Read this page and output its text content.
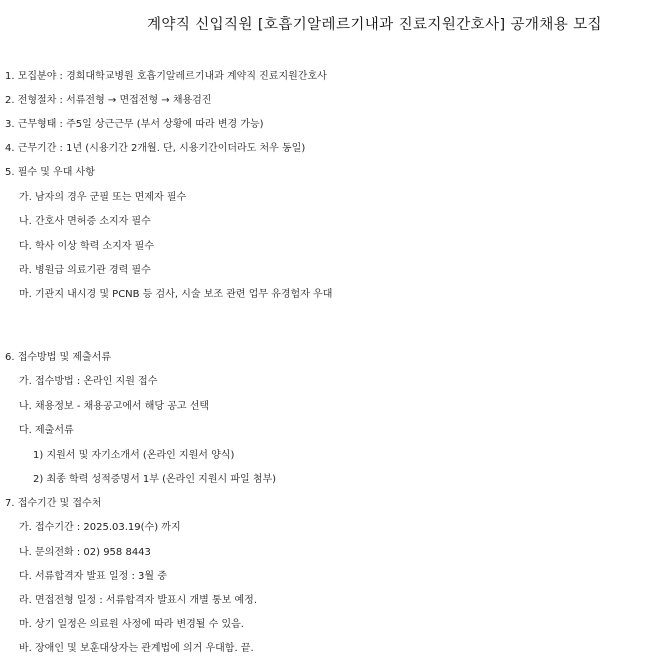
계약직 신입직원 [호흡기알레르기내과 진료지원간호사] 공개채용 모집
1. 모집분야 : 경희대학교병원 호흡기알레르기내과 계약직 진료지원간호사
2. 전형절차 : 서류전형 → 면접전형 → 채용검진
3. 근무형태 : 주5일 상근근무 (부서 상황에 따라 변경 가능)
4. 근무기간 : 1년 (시용기간 2개월. 단, 시용기간이더라도 처우 동일)
5. 필수 및 우대 사항
가. 남자의 경우 군필 또는 면제자 필수
나. 간호사 면허증 소지자 필수
다. 학사 이상 학력 소지자 필수
라. 병원급 의료기관 경력 필수
마. 기관지 내시경 및 PCNB 등 검사, 시술 보조 관련 업무 유경험자 우대
6. 접수방법 및 제출서류
가. 접수방법 : 온라인 지원 접수
나. 채용정보 - 채용공고에서 해당 공고 선택
다. 제출서류
1) 지원서 및 자기소개서 (온라인 지원서 양식)
2) 최종 학력 성적증명서 1부 (온라인 지원시 파일 첨부)
7. 접수기간 및 접수처
가. 접수기간 : 2025.03.19(수) 까지
나. 문의전화 : 02) 958 8443
다. 서류합격자 발표 일정 : 3월 중
라. 면접전형 일정 : 서류합격자 발표시 개별 통보 예정.
마. 상기 일정은 의료원 사정에 따라 변경될 수 있음.
바. 장애인 및 보훈대상자는 관계법에 의거 우대함. 끝.
